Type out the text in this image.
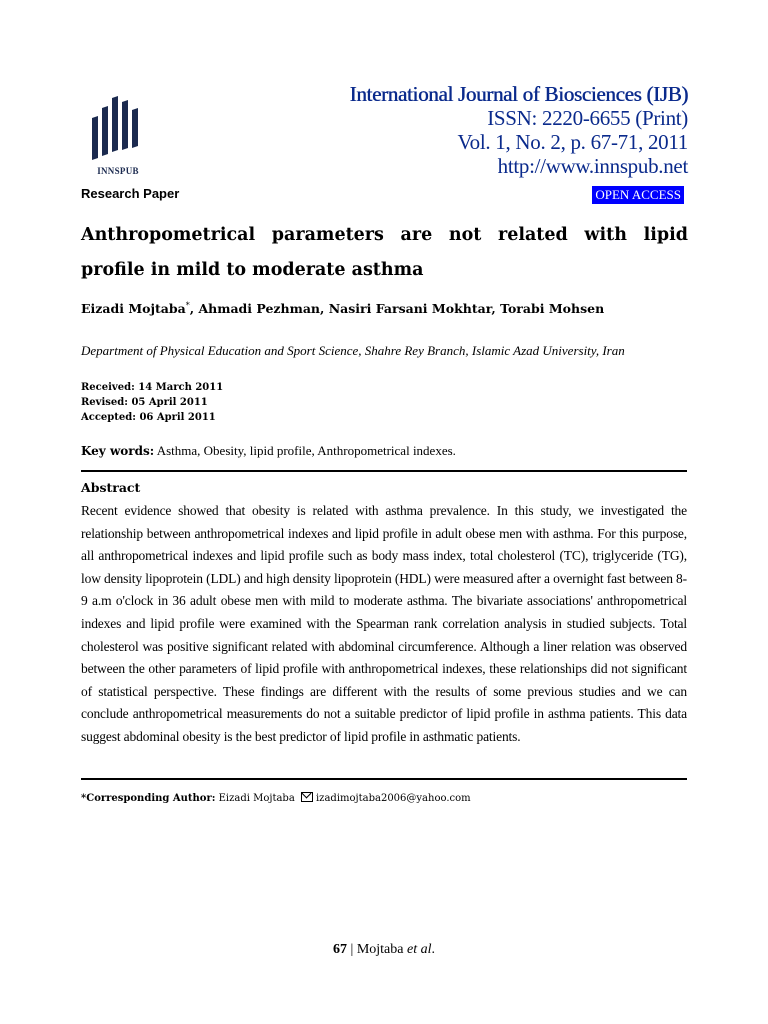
INNSPUB
International Journal of Biosciences (IJB)
ISSN: 2220-6655 (Print)
Vol. 1, No. 2, p. 67-71, 2011
http://www.innspub.net
Research Paper	OPEN ACCESS
Anthropometrical parameters are not related with lipid profile in mild to moderate asthma
Eizadi Mojtaba*, Ahmadi Pezhman, Nasiri Farsani Mokhtar, Torabi Mohsen
Department of Physical Education and Sport Science, Shahre Rey Branch, Islamic Azad University, Iran
Received: 14 March 2011
Revised: 05 April 2011
Accepted: 06 April 2011
Key words: Asthma, Obesity, lipid profile, Anthropometrical indexes.
Abstract

Recent evidence showed that obesity is related with asthma prevalence. In this study, we investigated the relationship between anthropometrical indexes and lipid profile in adult obese men with asthma. For this purpose, all anthropometrical indexes and lipid profile such as body mass index, total cholesterol (TC), triglyceride (TG), low density lipoprotein (LDL) and high density lipoprotein (HDL) were measured after a overnight fast between 8-9 a.m o'clock in 36 adult obese men with mild to moderate asthma. The bivariate associations' anthropometrical indexes and lipid profile were examined with the Spearman rank correlation analysis in studied subjects. Total cholesterol was positive significant related with abdominal circumference. Although a liner relation was observed between the other parameters of lipid profile with anthropometrical indexes, these relationships did not significant of statistical perspective. These findings are different with the results of some previous studies and we can conclude anthropometrical measurements do not a suitable predictor of lipid profile in asthma patients. This data suggest abdominal obesity is the best predictor of lipid profile in asthmatic patients.

*Corresponding Author: Eizadi Mojtaba izadimojtaba2006@yahoo.com
67 | Mojtaba et al.
